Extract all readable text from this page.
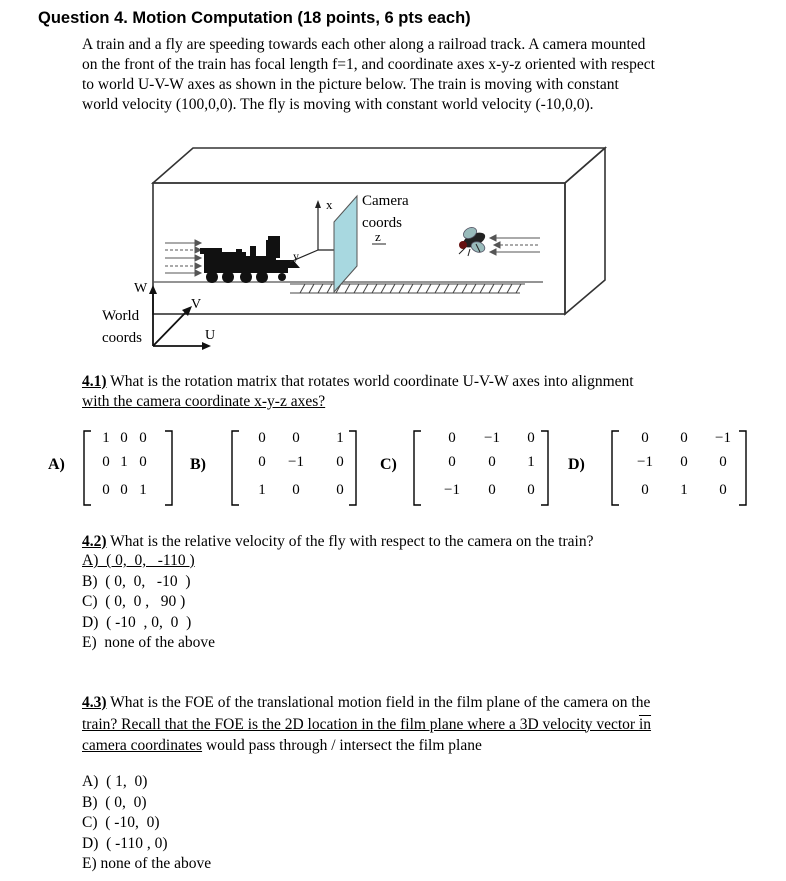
Question 4. Motion Computation (18 points, 6 pts each)
A train and a fly are speeding towards each other along a railroad track. A camera mounted
on the front of the train has focal length f=1, and coordinate axes x-y-z oriented with respect
to world U-V-W axes as shown in the picture below. The train is moving with constant
world velocity (100,0,0). The fly is moving with constant world velocity (-10,0,0).
x
y
Camera
coords
z
W
V
U
World
coords
4.1) What is the rotation matrix that rotates world coordinate U-V-W axes into alignment
with the camera coordinate x-y-z axes?
A)
1 0 0
0 1 0
0 0 1
B)
0 0 1
0 −1 0
1 0 0
C)
0 −1 0
0 0 1
−1 0 0
D)
0 0 −1
−1 0 0
0 1 0
4.2) What is the relative velocity of the fly with respect to the camera on the train?
A)  ( 0,  0,   -110 )
B)  ( 0,  0,   -10  )
C)  ( 0,  0 ,   90 )
D)  ( -10  , 0,  0  )
E)  none of the above
4.3) What is the FOE of the translational motion field in the film plane of the camera on the
train? Recall that the FOE is the 2D location in the film plane where a 3D velocity vector in
camera coordinates would pass through / intersect the film plane
A)  ( 1,  0)
B)  ( 0,  0)
C)  ( -10,  0)
D)  ( -110 , 0)
E) none of the above
